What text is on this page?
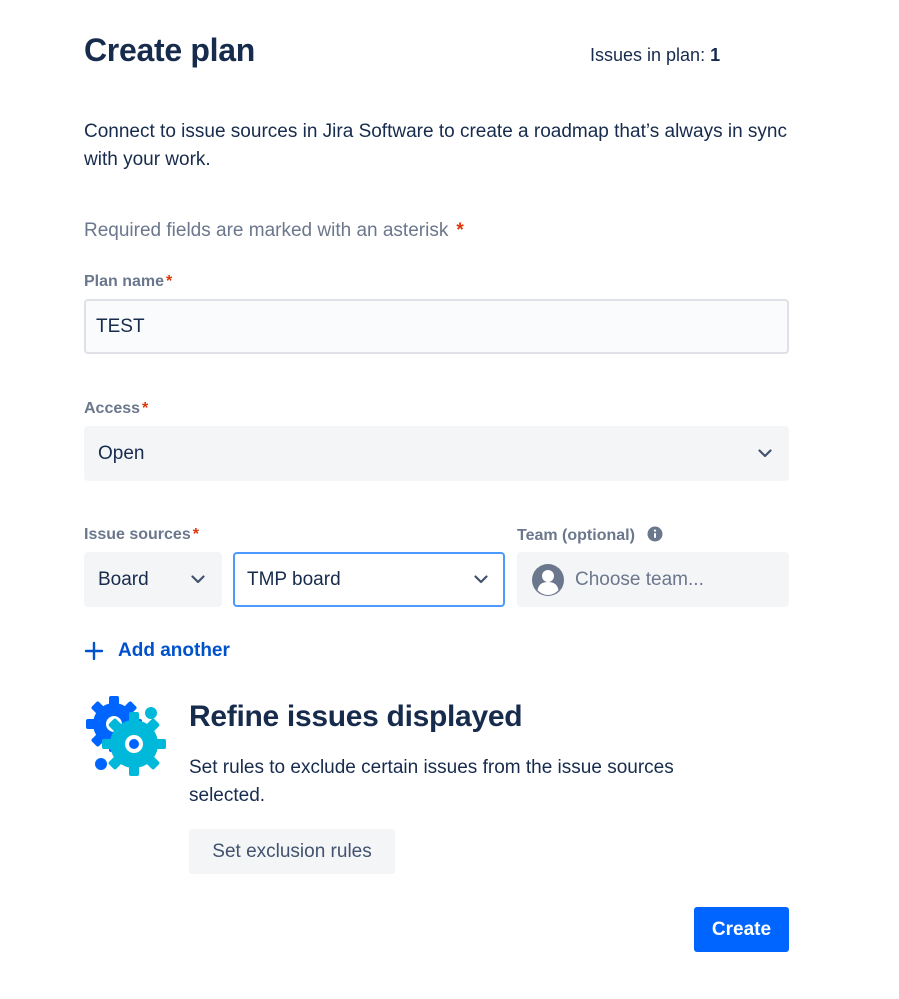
Create plan	Issues in plan: 1
Connect to issue sources in Jira Software to create a roadmap that’s always in sync with your work.
Required fields are marked with an asterisk *
Plan name *
TEST
Access *
Open
Issue sources *
Board	TMP board
Team (optional)
Choose team...
Add another
Refine issues displayed
Set rules to exclude certain issues from the issue sources selected.
Set exclusion rules
Create
